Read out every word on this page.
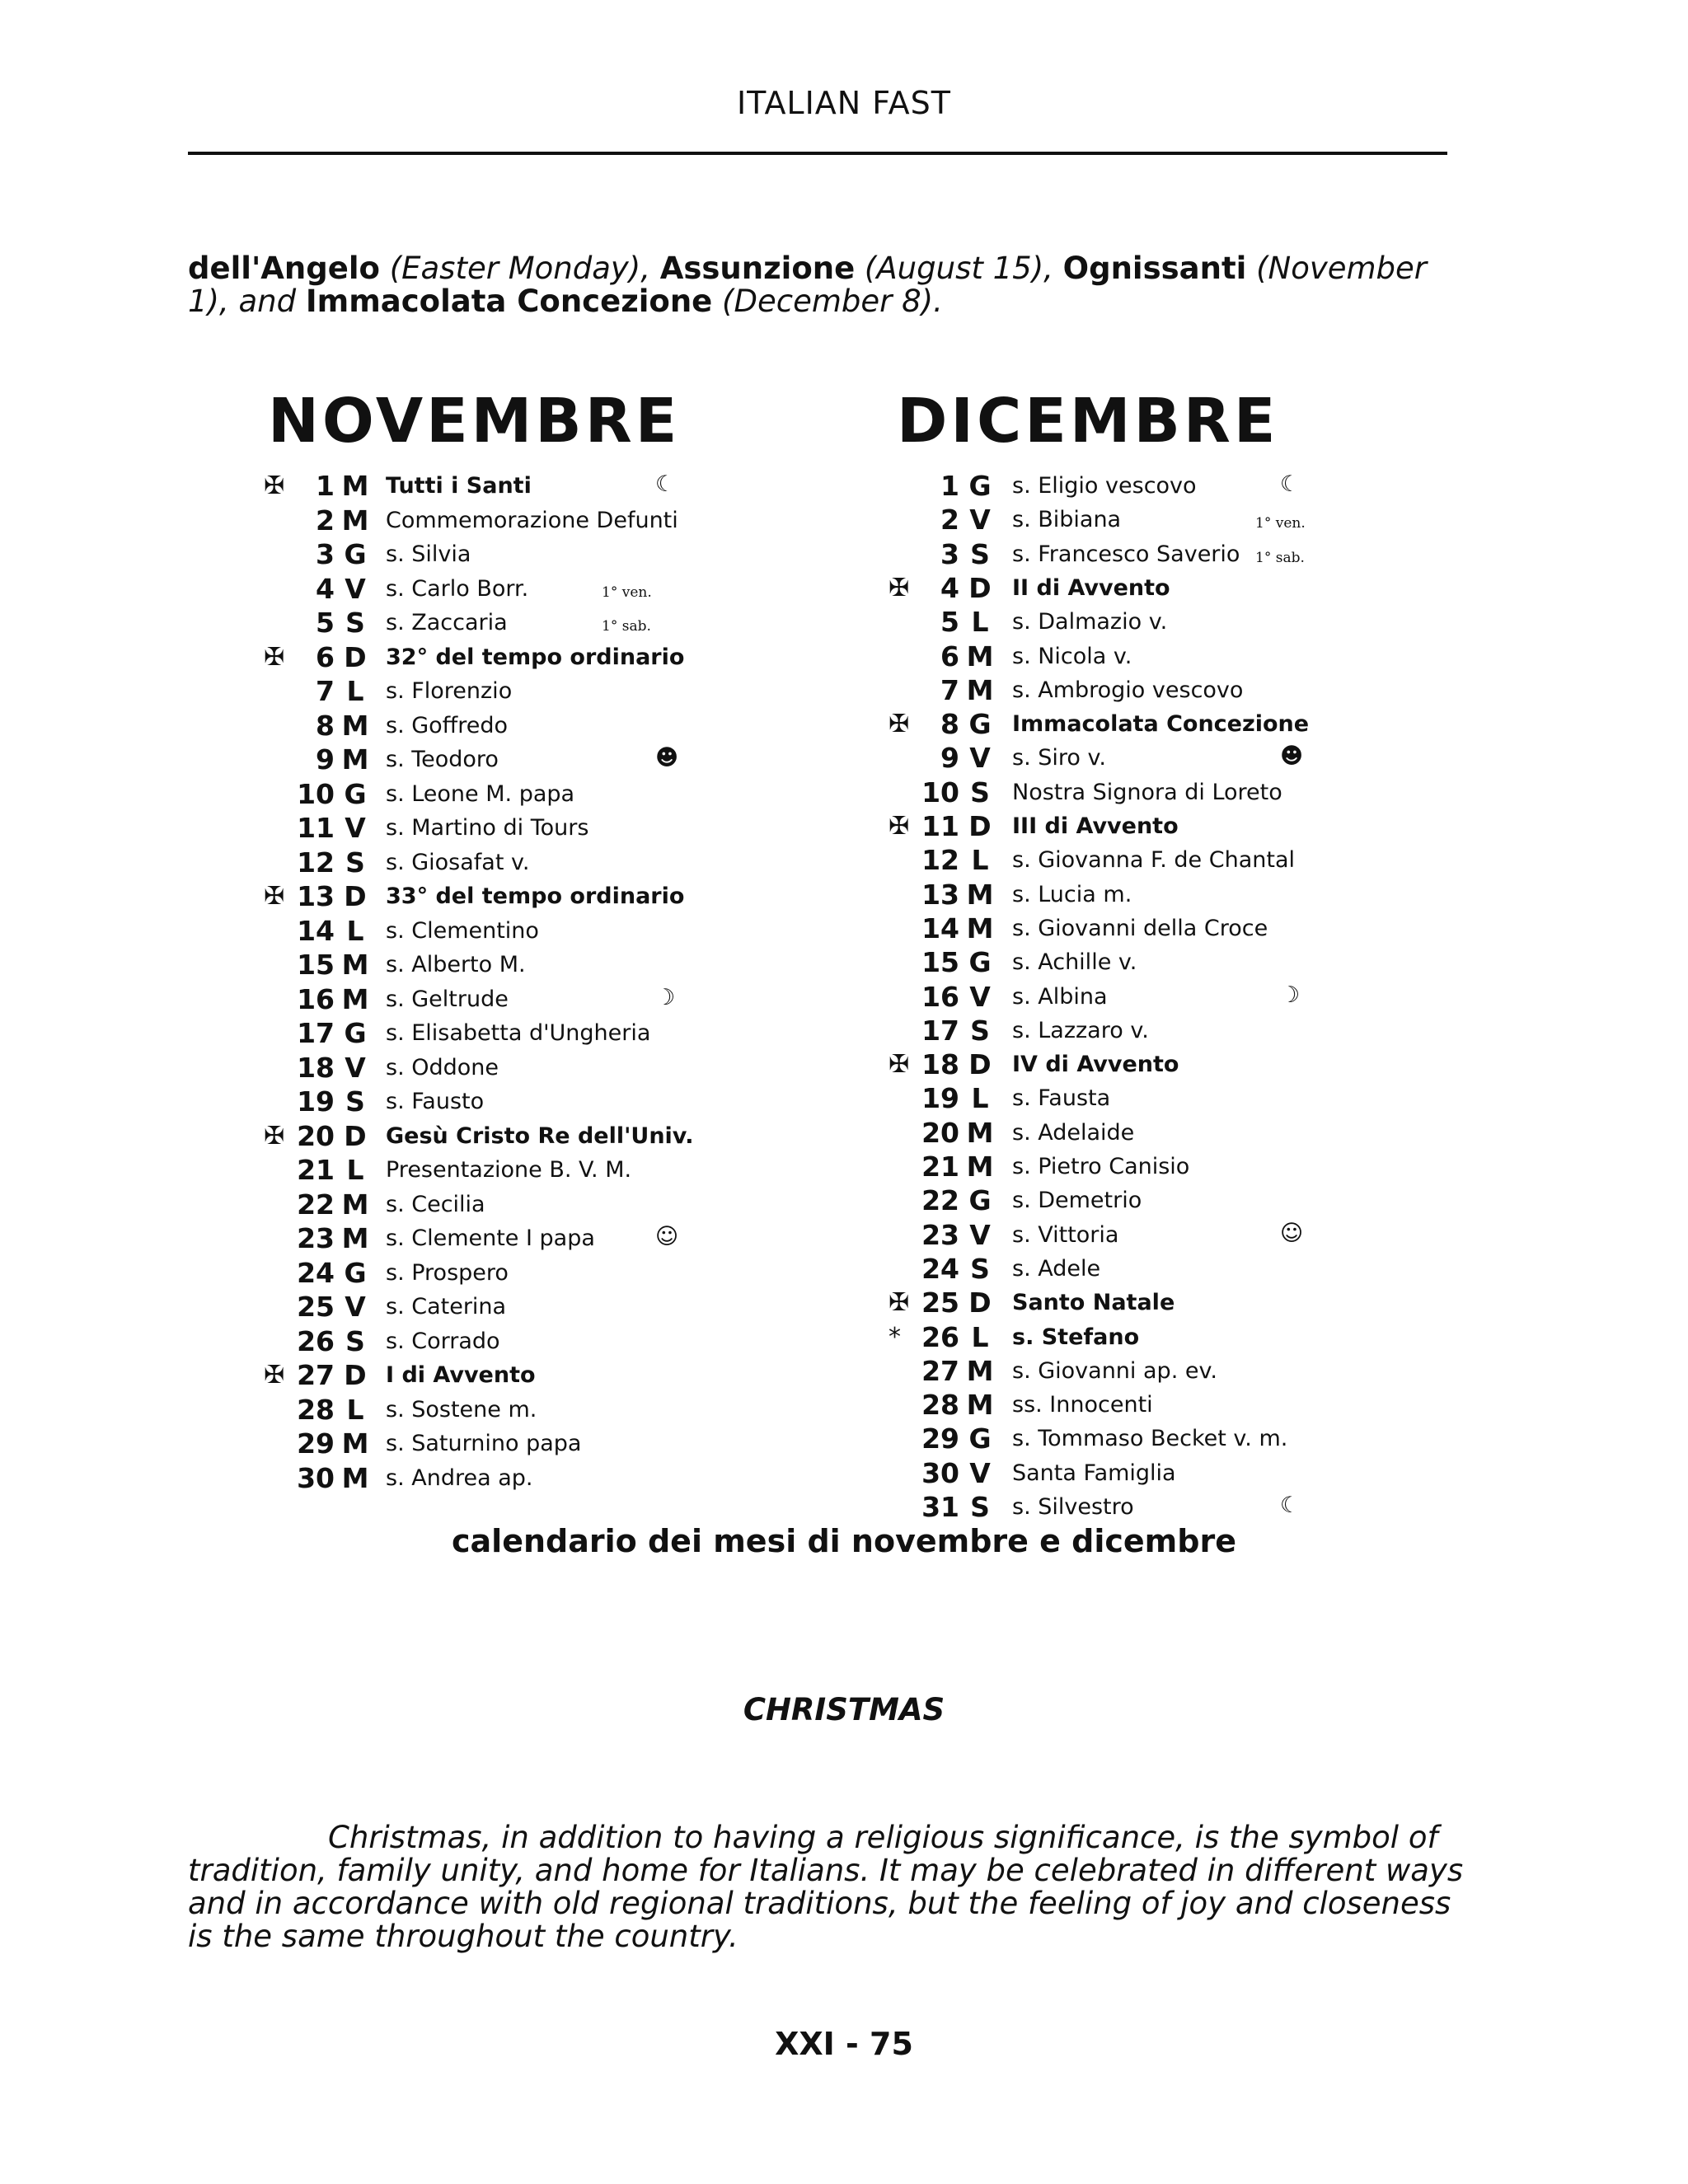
ITALIAN FAST
dell'Angelo (Easter Monday), Assunzione (August 15), Ognissanti (November 1), and Immacolata Concezione (December 8).
NOVEMBRE	DICEMBRE
✠	1 M Tutti i Santi	☾
2 M Commemorazione Defunti
3 G s. Silvia
4 V s. Carlo Borr.	1° ven.
5 S s. Zaccaria	1° sab.
✠	6 D 32° del tempo ordinario
7 L s. Florenzio
8 M s. Goffredo
9 M s. Teodoro	☻
10 G s. Leone M. papa
11 V s. Martino di Tours
12 S s. Giosafat v.
✠ 13 D 33° del tempo ordinario
14 L s. Clementino
15 M s. Alberto M.
16 M s. Geltrude	☽
17 G s. Elisabetta d'Ungheria
18 V s. Oddone
19 S s. Fausto
✠ 20 D Gesù Cristo Re dell'Univ.
21 L Presentazione B. V. M.
22 M s. Cecilia
23 M s. Clemente I papa	☺
24 G s. Prospero
25 V s. Caterina
26 S s. Corrado
✠ 27 D I di Avvento
28 L s. Sostene m.
29 M s. Saturnino papa
30 M s. Andrea ap.
1 G s. Eligio vescovo	☾
2 V s. Bibiana	1° ven.
3 S	s. Francesco Saverio 1° sab.
✠	4 D II di Avvento
5 L	s. Dalmazio v.
6 M s. Nicola v.
7 M s. Ambrogio vescovo
✠	8 G Immacolata Concezione
9 V s. Siro v.	☻
10 S	Nostra Signora di Loreto
✠ 11 D III di Avvento
12 L	s. Giovanna F. de Chantal
13 M s. Lucia m.
14 M s. Giovanni della Croce
15 G s. Achille v.
16 V s. Albina	☽
17 S	s. Lazzaro v.
✠ 18 D IV di Avvento
19 L	s. Fausta
20 M s. Adelaide
21 M s. Pietro Canisio
22 G s. Demetrio
23 V s. Vittoria	☺
24 S	s. Adele
✠ 25 D Santo Natale
* 26 L	s. Stefano
27 M s. Giovanni ap. ev.
28 M ss. Innocenti
29 G s. Tommaso Becket v. m.
30 V Santa Famiglia
31 S	s. Silvestro	☾
calendario dei mesi di novembre e dicembre
CHRISTMAS
Christmas, in addition to having a religious significance, is the symbol of tradition, family unity, and home for Italians. It may be celebrated in different ways and in accordance with old regional traditions, but the feeling of joy and closeness is the same throughout the country.
XXI - 75
